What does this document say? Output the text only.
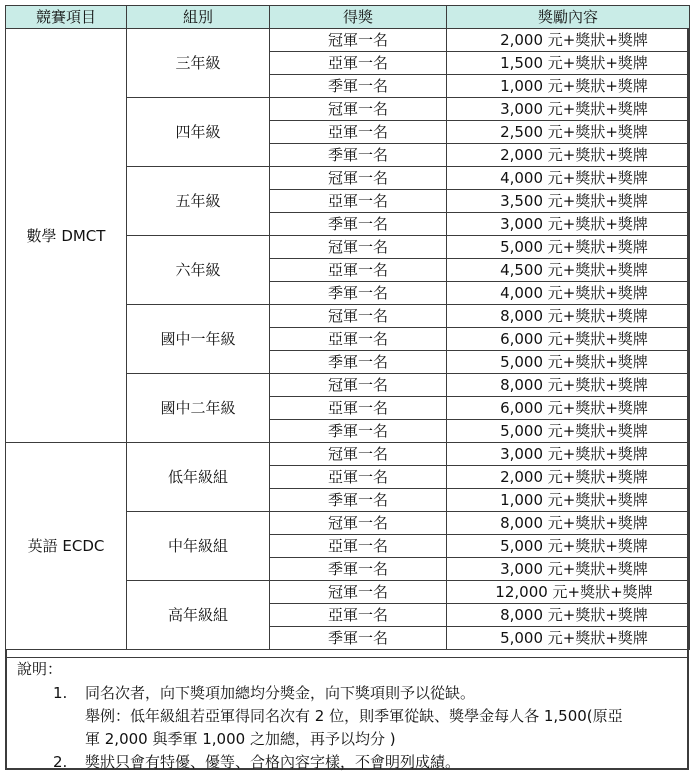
競賽項目	組別	得獎	獎勵內容
數學 DMCT	三年級	冠軍一名	2,000 元+獎狀+獎牌
		亞軍一名	1,500 元+獎狀+獎牌
		季軍一名	1,000 元+獎狀+獎牌
	四年級	冠軍一名	3,000 元+獎狀+獎牌
		亞軍一名	2,500 元+獎狀+獎牌
		季軍一名	2,000 元+獎狀+獎牌
	五年級	冠軍一名	4,000 元+獎狀+獎牌
		亞軍一名	3,500 元+獎狀+獎牌
		季軍一名	3,000 元+獎狀+獎牌
	六年級	冠軍一名	5,000 元+獎狀+獎牌
		亞軍一名	4,500 元+獎狀+獎牌
		季軍一名	4,000 元+獎狀+獎牌
	國中一年級	冠軍一名	8,000 元+獎狀+獎牌
		亞軍一名	6,000 元+獎狀+獎牌
		季軍一名	5,000 元+獎狀+獎牌
	國中二年級	冠軍一名	8,000 元+獎狀+獎牌
		亞軍一名	6,000 元+獎狀+獎牌
		季軍一名	5,000 元+獎狀+獎牌
英語 ECDC	低年級組	冠軍一名	3,000 元+獎狀+獎牌
		亞軍一名	2,000 元+獎狀+獎牌
		季軍一名	1,000 元+獎狀+獎牌
	中年級組	冠軍一名	8,000 元+獎狀+獎牌
		亞軍一名	5,000 元+獎狀+獎牌
		季軍一名	3,000 元+獎狀+獎牌
	高年級組	冠軍一名	12,000 元+獎狀+獎牌
		亞軍一名	8,000 元+獎狀+獎牌
		季軍一名	5,000 元+獎狀+獎牌
說明：
1. 同名次者，向下獎項加總均分獎金，向下獎項則予以從缺。
舉例：低年級組若亞軍得同名次有 2 位，則季軍從缺、獎學金每人各 1,500(原亞
軍 2,000 與季軍 1,000 之加總，再予以均分 )
2. 獎狀只會有特優、優等、合格內容字樣，不會明列成績。
